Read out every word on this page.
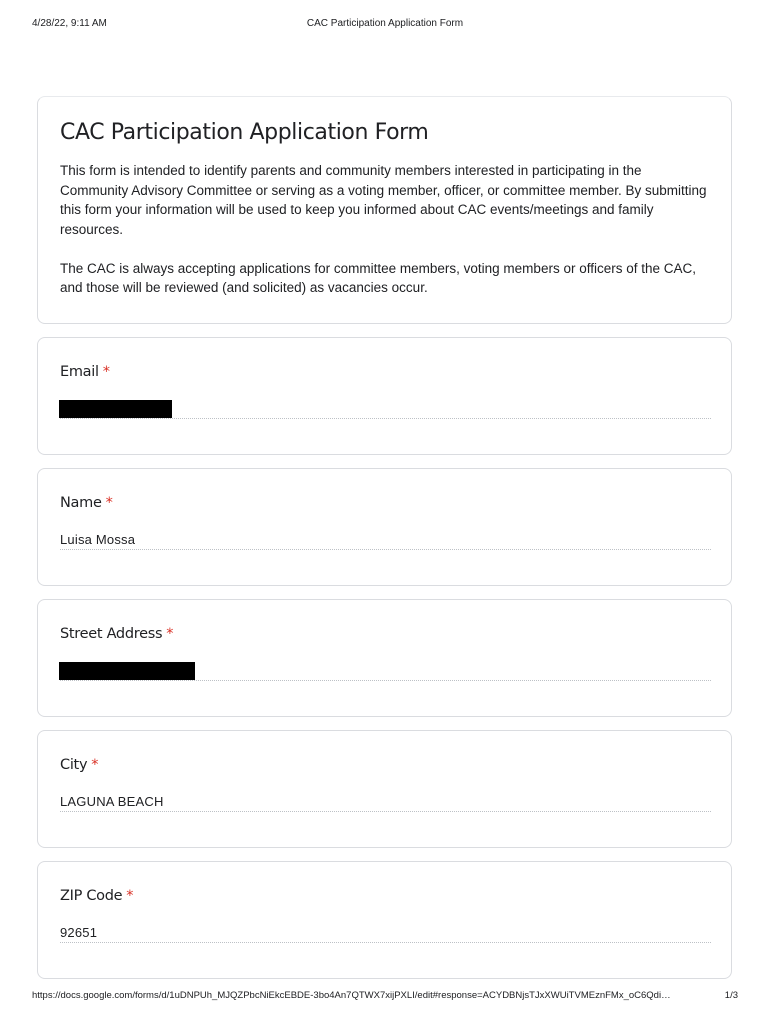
4/28/22, 9:11 AM	CAC Participation Application Form
CAC Participation Application Form

This form is intended to identify parents and community members interested in participating in the Community Advisory Committee or serving as a voting member, officer, or committee member. By submitting this form your information will be used to keep you informed about CAC events/meetings and family resources.

The CAC is always accepting applications for committee members, voting members or officers of the CAC, and those will be reviewed (and solicited) as vacancies occur.

Email *
Name *
Luisa Mossa
Street Address *
City *
LAGUNA BEACH
ZIP Code *
92651
https://docs.google.com/forms/d/1uDNPUh_MJQZPbcNiEkcEBDE-3bo4An7QTWX7xijPXLI/edit#response=ACYDBNjsTJxXWUiTVMEznFMx_oC6Qdi…	1/3
